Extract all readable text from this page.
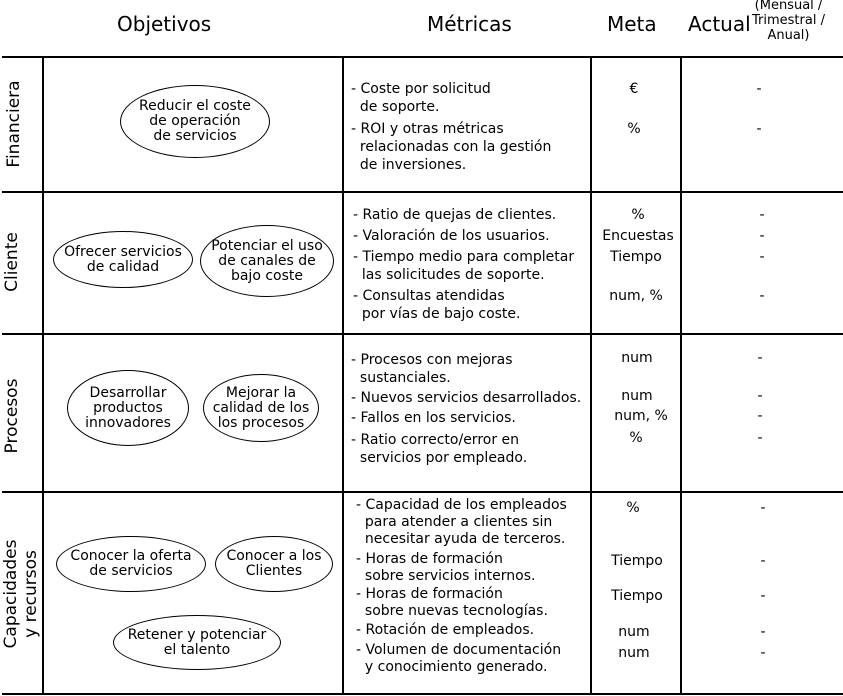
Objetivos	Métricas	Meta Actual
(Mensual /
Trimestral /
Anual)
Financiera
Cliente
Procesos
Capacidades
y recursos
Reducir el coste
de operación
de servicios
Ofrecer servicios
de calidad
Potenciar el uso
de canales de
bajo coste
Desarrollar
productos
innovadores
Mejorar la
calidad de los
los procesos
Conocer la oferta
de servicios
Conocer a los
Clientes
Retener y potenciar
el talento
- Coste por solicitud
de soporte.
- ROI y otras métricas
relacionadas con la gestión
de inversiones.
- Ratio de quejas de clientes.
- Valoración de los usuarios.
- Tiempo medio para completar
las solicitudes de soporte.
- Consultas atendidas
por vías de bajo coste.
- Procesos con mejoras
sustanciales.
- Nuevos servicios desarrollados.
- Fallos en los servicios.
- Ratio correcto/error en
servicios por empleado.
- Capacidad de los empleados
para atender a clientes sin
necesitar ayuda de terceros.
- Horas de formación
sobre servicios internos.
- Horas de formación
sobre nuevas tecnologías.
- Rotación de empleados.
- Volumen de documentación
y conocimiento generado.
€
%
%
Encuestas
Tiempo
num, %
num
num
num, %
%
%
Tiempo
Tiempo
num
num
-
-
-
-
-
-
-
-
-
-
-
-
-
-
-
